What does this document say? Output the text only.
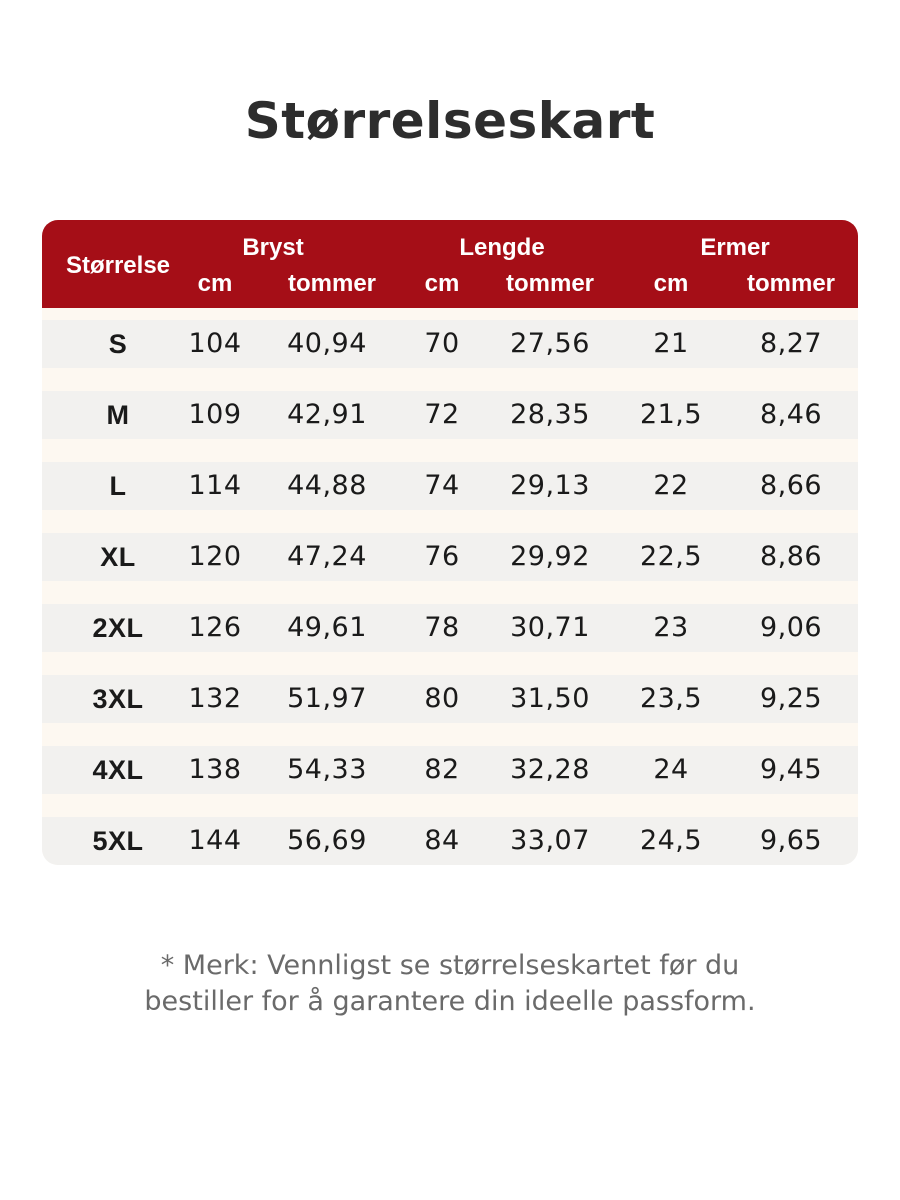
Størrelseskart
Størrelse
Bryst	Lengde	Ermer
cm tommer cm tommer cm tommer
S 104 40,94 70 27,56 21	8,27
M 109 42,91 72 28,35 21,5 8,46
L 114 44,88 74 29,13 22	8,66
XL 120 47,24 76 29,92 22,5 8,86
2XL 126 49,61 78 30,71 23	9,06
3XL 132 51,97 80 31,50 23,5 9,25
4XL 138 54,33 82 32,28 24	9,45
5XL 144 56,69 84 33,07 24,5 9,65
* Merk: Vennligst se størrelseskartet før du
bestiller for å garantere din ideelle passform.
